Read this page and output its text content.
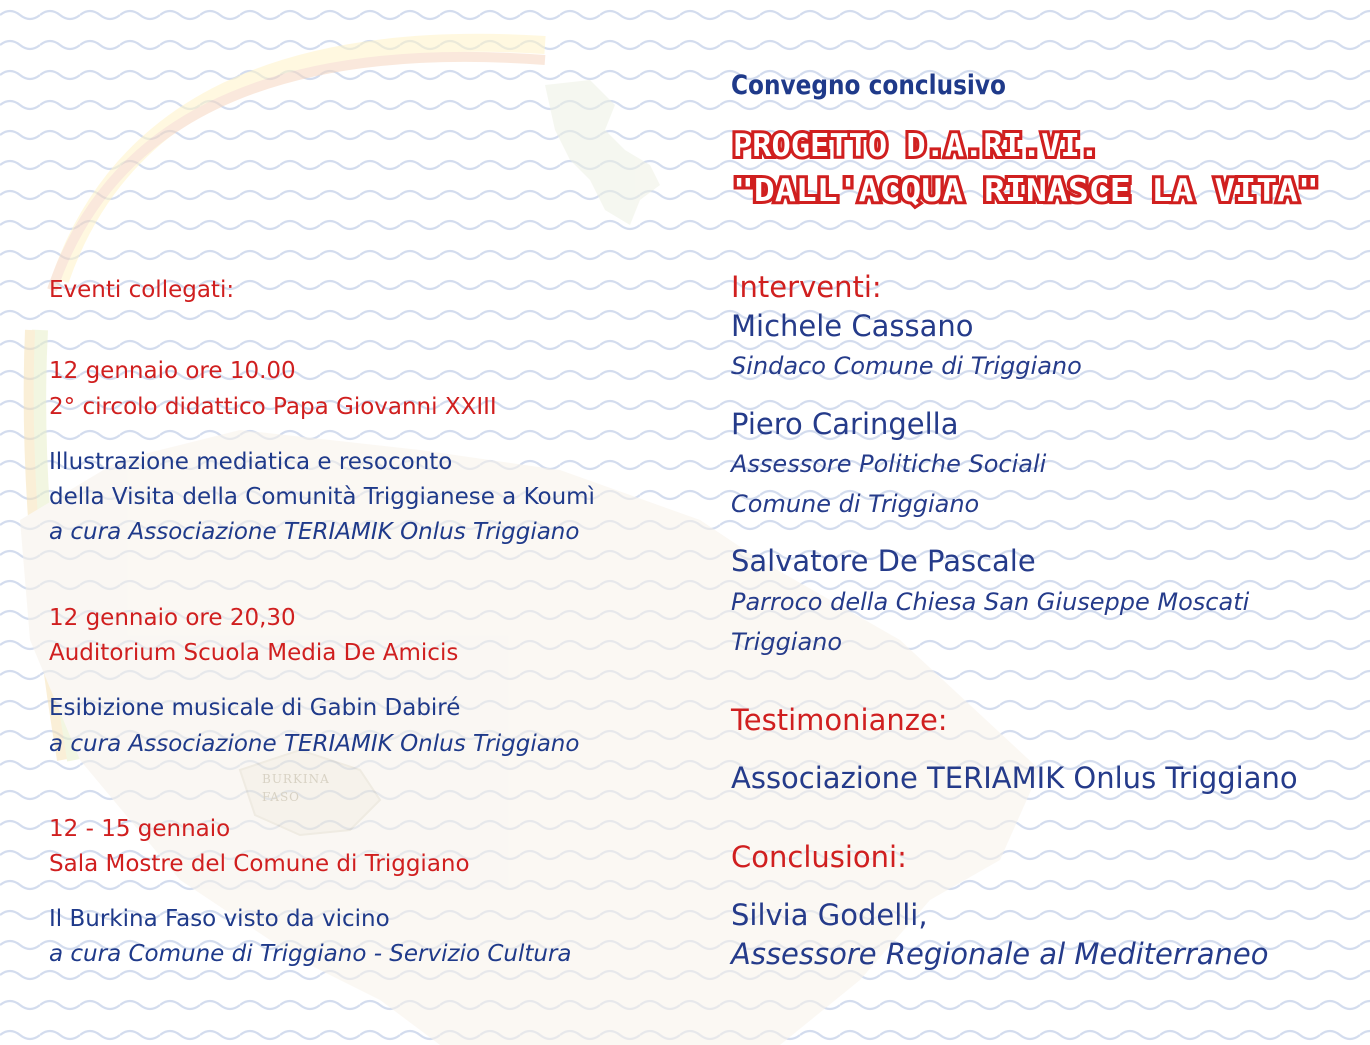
BURKINA
FASO
Convegno conclusivo
PROGETTO D.A.RI.VI.
"DALL'ACQUA RINASCE LA VITA"
Eventi collegati:
12 gennaio ore 10.00
2° circolo didattico Papa Giovanni XXIII
Illustrazione mediatica e resoconto
della Visita della Comunità Triggianese a Koumì
a cura Associazione TERIAMIK Onlus Triggiano
12 gennaio ore 20,30
Auditorium Scuola Media De Amicis
Esibizione musicale di Gabin Dabiré
a cura Associazione TERIAMIK Onlus Triggiano
12 - 15 gennaio
Sala Mostre del Comune di Triggiano
Il Burkina Faso visto da vicino
a cura Comune di Triggiano - Servizio Cultura
Interventi:
Michele Cassano
Sindaco Comune di Triggiano
Piero Caringella
Assessore Politiche Sociali
Comune di Triggiano
Salvatore De Pascale
Parroco della Chiesa San Giuseppe Moscati
Triggiano
Testimonianze:
Associazione TERIAMIK Onlus Triggiano
Conclusioni:
Silvia Godelli,
Assessore Regionale al Mediterraneo
